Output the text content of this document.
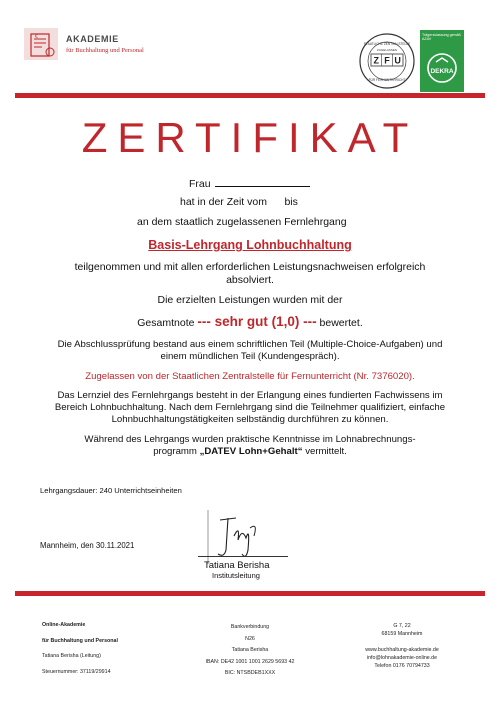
€	AKADEMIE
für Buchhaltung und Personal
STAATLICHE ZENTRALSTELLE
ZUGELASSEN
Z F U
FÜR FERNUNTERRICHT
Trägerzulassung gemäß AZAV
DEKRA
ZERTIFIKAT
Frau
hat in der Zeit vom      bis
an dem staatlich zugelassenen Fernlehrgang
Basis-Lehrgang Lohnbuchhaltung
teilgenommen und mit allen erforderlichen Leistungsnachweisen erfolgreich
absolviert.
Die erzielten Leistungen wurden mit der
Gesamtnote --- sehr gut (1,0) --- bewertet.
Die Abschlussprüfung bestand aus einem schriftlichen Teil (Multiple-Choice-Aufgaben) und
einem mündlichen Teil (Kundengespräch).
Zugelassen von der Staatlichen Zentralstelle für Fernunterricht (Nr. 7376020).
Das Lernziel des Fernlehrgangs besteht in der Erlangung eines fundierten Fachwissens im
Bereich Lohnbuchhaltung. Nach dem Fernlehrgang sind die Teilnehmer qualifiziert, einfache
Lohnbuchhaltungstätigkeiten selbständig durchführen zu können.
Während des Lehrgangs wurden praktische Kenntnisse im Lohnabrechnungs-
programm „DATEV Lohn+Gehalt“ vermittelt.
Lehrgangsdauer: 240 Unterrichtseinheiten
Mannheim, den 30.11.2021
Tatiana Berisha
Institutsleitung
Online-Akademie
für Buchhaltung und Personal
Tatiana Berisha (Leitung)
Steuernummer: 37119/29914
Bankverbindung
N26
Tatiana Berisha
IBAN: DE42 1001 1001 2629 5693 42
BIC: NTSBDEB1XXX
G 7, 22
68159 Mannheim
www.buchhaltung-akademie.de
info@lohnakademie-online.de
Telefon 0176 70794733
